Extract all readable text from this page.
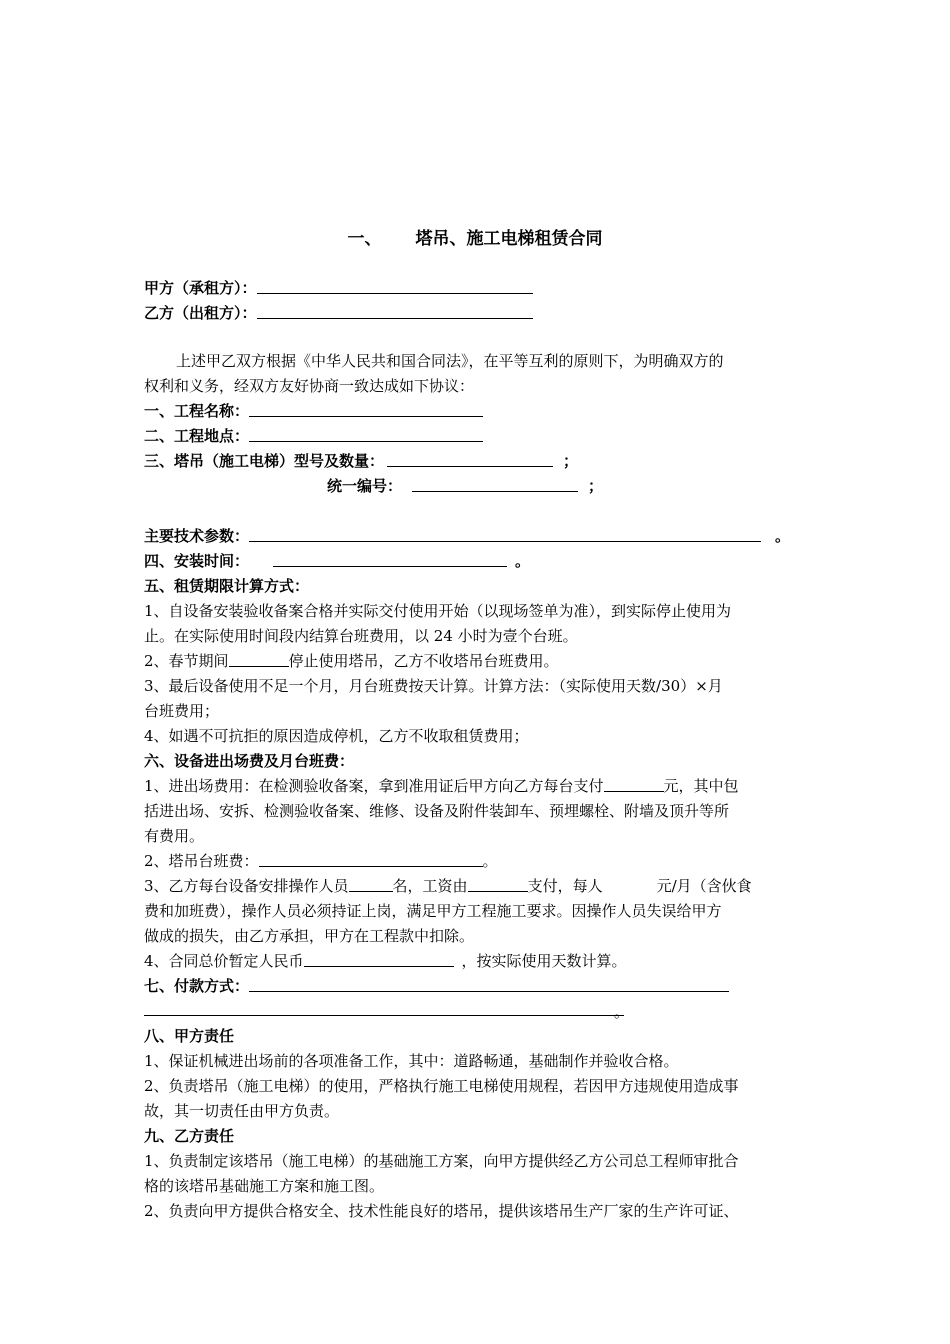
一、 塔吊、施工电梯租赁合同
甲方（承租方）：
乙方（出租方）：
上述甲乙双方根据《中华人民共和国合同法》，在平等互利的原则下，为明确双方的
权利和义务，经双方友好协商一致达成如下协议：
一、工程名称：
二、工程地点：
三、塔吊（施工电梯）型号及数量：	；
统一编号：	；
主要技术参数：	。
四、安装时间：	。
五、租赁期限计算方式：
1、自设备安装验收备案合格并实际交付使用开始（以现场签单为准），到实际停止使用为
止。在实际使用时间段内结算台班费用，以 24 小时为壹个台班。
2、春节期间	停止使用塔吊，乙方不收塔吊台班费用。
3、最后设备使用不足一个月，月台班费按天计算。计算方法：（实际使用天数/30）×月
台班费用；
4、如遇不可抗拒的原因造成停机，乙方不收取租赁费用；
六、设备进出场费及月台班费：
1、进出场费用：在检测验收备案，拿到准用证后甲方向乙方每台支付	元，其中包
括进出场、安拆、检测验收备案、维修、设备及附件装卸车、预埋螺栓、附墙及顶升等所
有费用。
2、塔吊台班费：	。
3、乙方每台设备安排操作人员	名，工资由	支付，每人	元/月（含伙食
费和加班费），操作人员必须持证上岗，满足甲方工程施工要求。因操作人员失误给甲方
做成的损失，由乙方承担，甲方在工程款中扣除。
4、合同总价暂定人民币	，按实际使用天数计算。
七、付款方式：
。
八、甲方责任
1、保证机械进出场前的各项准备工作，其中：道路畅通，基础制作并验收合格。
2、负责塔吊（施工电梯）的使用，严格执行施工电梯使用规程，若因甲方违规使用造成事
故，其一切责任由甲方负责。
九、乙方责任
1、负责制定该塔吊（施工电梯）的基础施工方案，向甲方提供经乙方公司总工程师审批合
格的该塔吊基础施工方案和施工图。
2、负责向甲方提供合格安全、技术性能良好的塔吊，提供该塔吊生产厂家的生产许可证、
